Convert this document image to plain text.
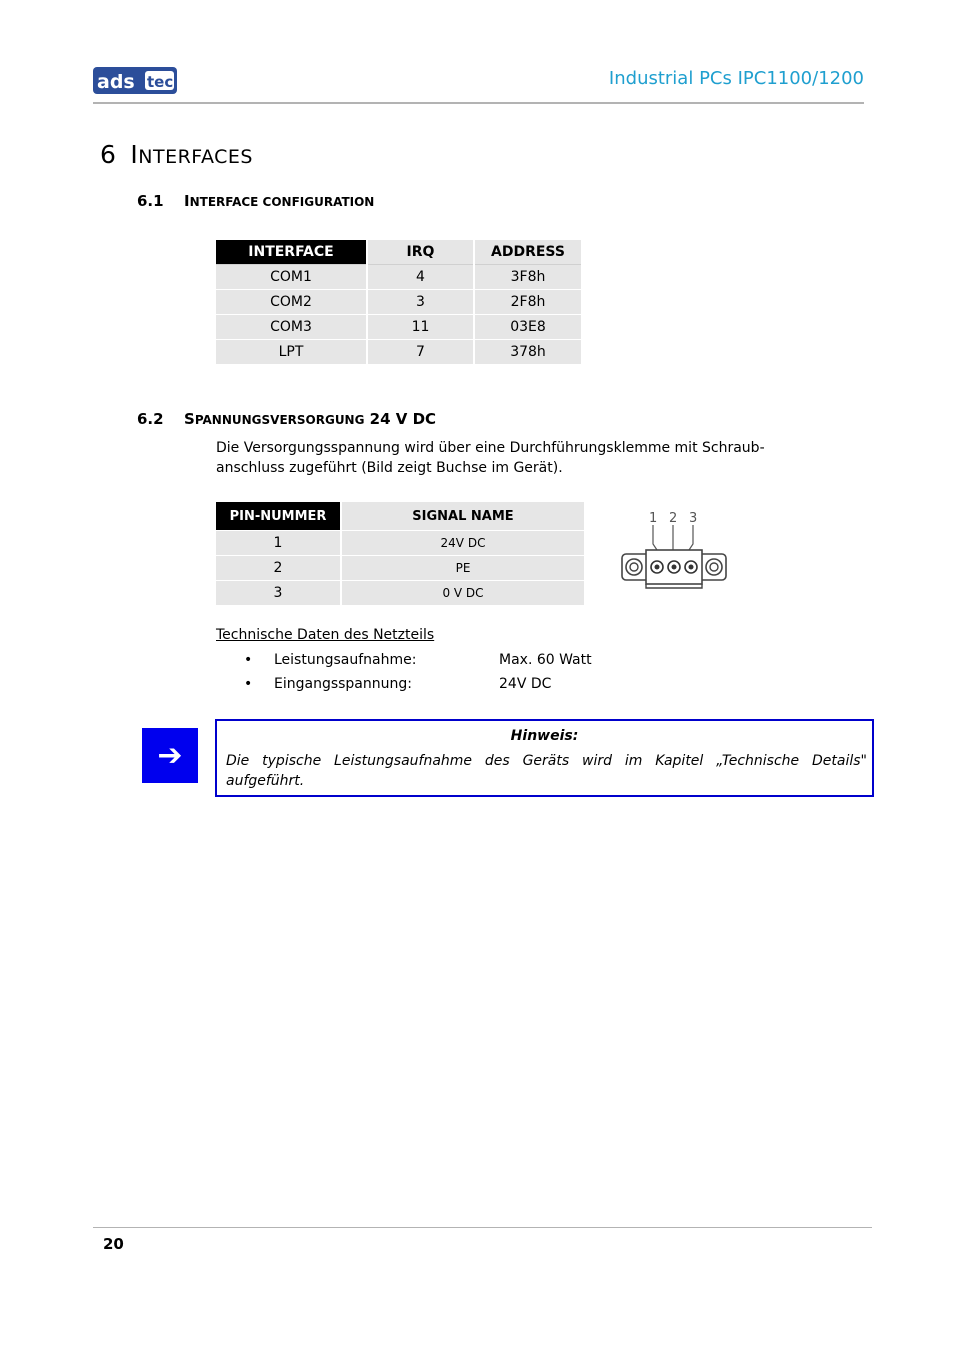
ads tec	Industrial PCs IPC1100/1200
6 INTERFACES
6.1 INTERFACE CONFIGURATION
INTERFACE	IRQ	ADDRESS
COM1	4	3F8h
COM2	3	2F8h
COM3	11	03E8
LPT	7	378h
6.2 SPANNUNGSVERSORGUNG 24 V DC
Die Versorgungsspannung wird über eine Durchführungsklemme mit Schraub-
anschluss zugeführt (Bild zeigt Buchse im Gerät).
PIN-NUMMER	SIGNAL NAME
1	24V DC
2	PE
3	0 V DC
1 2 3
Technische Daten des Netzteils
• Leistungsaufnahme:	Max. 60 Watt
• Eingangsspannung:	24V DC
➔
Hinweis:
Die typische Leistungsaufnahme des Geräts wird im Kapitel „Technische Details" aufgeführt.
20
